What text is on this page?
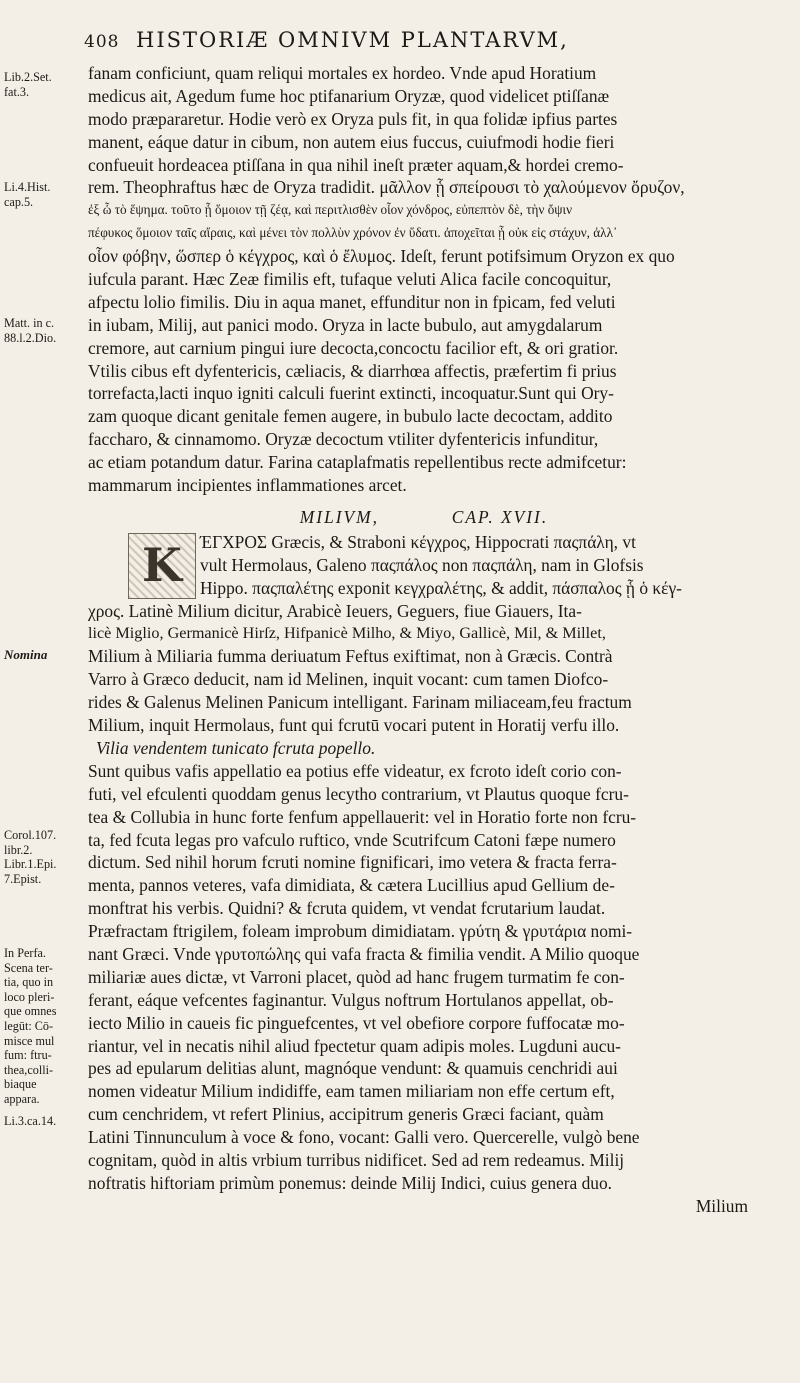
408 HISTORIÆ OMNIVM PLANTARVM,
Lib.2.Set.
fat.3.
Li.4.Hist.
cap.5.
Matt. in c.
88.l.2.Dio.
Nomina
Corol.107.
libr.2.
Libr.1.Epi.
7.Epist.
In Perfa.
Scena ter-
tia, quo in
loco pleri-
que omnes
legūt: Cō-
misce mul
fum: ftru-
thea,colli-
biaque
appara.
Li.3.ca.14.
fanam conficiunt, quam reliqui mortales ex hordeo. Vnde apud Horatium
medicus ait, Agedum fume hoc ptifanarium Oryzæ, quod videlicet ptiſſanæ
modo præpararetur. Hodie verò ex Oryza puls fit, in qua folidæ ipfius partes
manent, eáque datur in cibum, non autem eius fuccus, cuiufmodi hodie fieri
confueuit hordeacea ptiſſana in qua nihil ineſt præter aquam,& hordei cremo-
rem. Theophraftus hæc de Oryza tradidit. μᾶλλον ᾗ σπείρουσι τὸ χαλούμενον ὄρυζον,
ἐξ ὧ τὸ ἕψημα. τοῦτο ᾗ ὅμοιον τῇ ζέᾳ, καὶ περιτλισθὲν οἷον χόνδρος, εὐπεπτὸν δὲ, τὴν ὄψιν
πέφυκος ὅμοιον ταῖς αἴραις, καὶ μένει τὸν πολλὺν χρόνον ἐν ὕδατι. ἀποχεῖται ᾗ οὐκ εἰς στάχυν, ἀλλ᾽
οἷον φόβην, ὥσπερ ὁ κέγχρος, καὶ ὁ ἔλυμος. Ideſt, ferunt potifsimum Oryzon ex quo
iufcula parant. Hæc Zeæ fimilis eft, tufaque veluti Alica facile concoquitur,
afpectu lolio fimilis. Diu in aqua manet, effunditur non in fpicam, fed veluti
in iubam, Milij, aut panici modo. Oryza in lacte bubulo, aut amygdalarum
cremore, aut carnium pingui iure decocta,concoctu facilior eft, & ori gratior.
Vtilis cibus eft dyfentericis, cæliacis, & diarrhœa affectis, præfertim fi prius
torrefacta,lacti inquo igniti calculi fuerint extincti, incoquatur.Sunt qui Ory-
zam quoque dicant genitale femen augere, in bubulo lacte decoctam, addito
faccharo, & cinnamomo. Oryzæ decoctum vtiliter dyfentericis infunditur,
ac etiam potandum datur. Farina cataplafmatis repellentibus recte admifcetur:
mammarum incipientes inflammationes arcet.
MILIVM,	CAP. XVII.
K	ΈΓΧΡΟΣ Græcis, & Straboni κέγχρος, Hippocrati παςπάλη, vt
vult Hermolaus, Galeno παςπάλος non παςπάλη, nam in Glofsis
Hippo. παςπαλέτης exponit κεγχραλέτης, & addit, πάσπαλος ᾗ ὁ κέγ-
χρος. Latinè Milium dicitur, Arabicè Ieuers, Geguers, fiue Giauers, Ita-
licè Miglio, Germanicè Hirſz, Hifpanicè Milho, & Miyo, Gallicè, Mil, & Millet,
Milium à Miliaria fumma deriuatum Feftus exiftimat, non à Græcis. Contrà
Varro à Græco deducit, nam id Melinen, inquit vocant: cum tamen Diofco-
rides & Galenus Melinen Panicum intelligant. Farinam miliaceam,feu fractum
Milium, inquit Hermolaus, funt qui fcrutū vocari putent in Horatij verfu illo.
Vilia vendentem tunicato fcruta popello.
Sunt quibus vafis appellatio ea potius effe videatur, ex fcroto ideſt corio con-
futi, vel efculenti quoddam genus lecytho contrarium, vt Plautus quoque fcru-
tea & Collubia in hunc forte fenfum appellauerit: vel in Horatio forte non fcru-
ta, fed fcuta legas pro vafculo ruftico, vnde Scutrifcum Catoni fæpe numero
dictum. Sed nihil horum fcruti nomine fignificari, imo vetera & fracta ferra-
menta, pannos veteres, vafa dimidiata, & cætera Lucillius apud Gellium de-
monftrat his verbis. Quidni? & fcruta quidem, vt vendat fcrutarium laudat.
Præfractam ftrigilem, foleam improbum dimidiatam. γρύτη & γρυτάρια nomi-
nant Græci. Vnde γρυτοπώλης qui vafa fracta & fimilia vendit. A Milio quoque
miliariæ aues dictæ, vt Varroni placet, quòd ad hanc frugem turmatim fe con-
ferant, eáque vefcentes faginantur. Vulgus noftrum Hortulanos appellat, ob-
iecto Milio in caueis fic pinguefcentes, vt vel obefiore corpore fuffocatæ mo-
riantur, vel in necatis nihil aliud fpectetur quam adipis moles. Lugduni aucu-
pes ad epularum delitias alunt, magnóque vendunt: & quamuis cenchridi aui
nomen videatur Milium indidiffe, eam tamen miliariam non effe certum eft,
cum cenchridem, vt refert Plinius, accipitrum generis Græci faciant, quàm
Latini Tinnunculum à voce & fono, vocant: Galli vero. Quercerelle, vulgò bene
cognitam, quòd in altis vrbium turribus nidificet. Sed ad rem redeamus. Milij
noftratis hiftoriam primùm ponemus: deinde Milij Indici, cuius genera duo.
Milium
